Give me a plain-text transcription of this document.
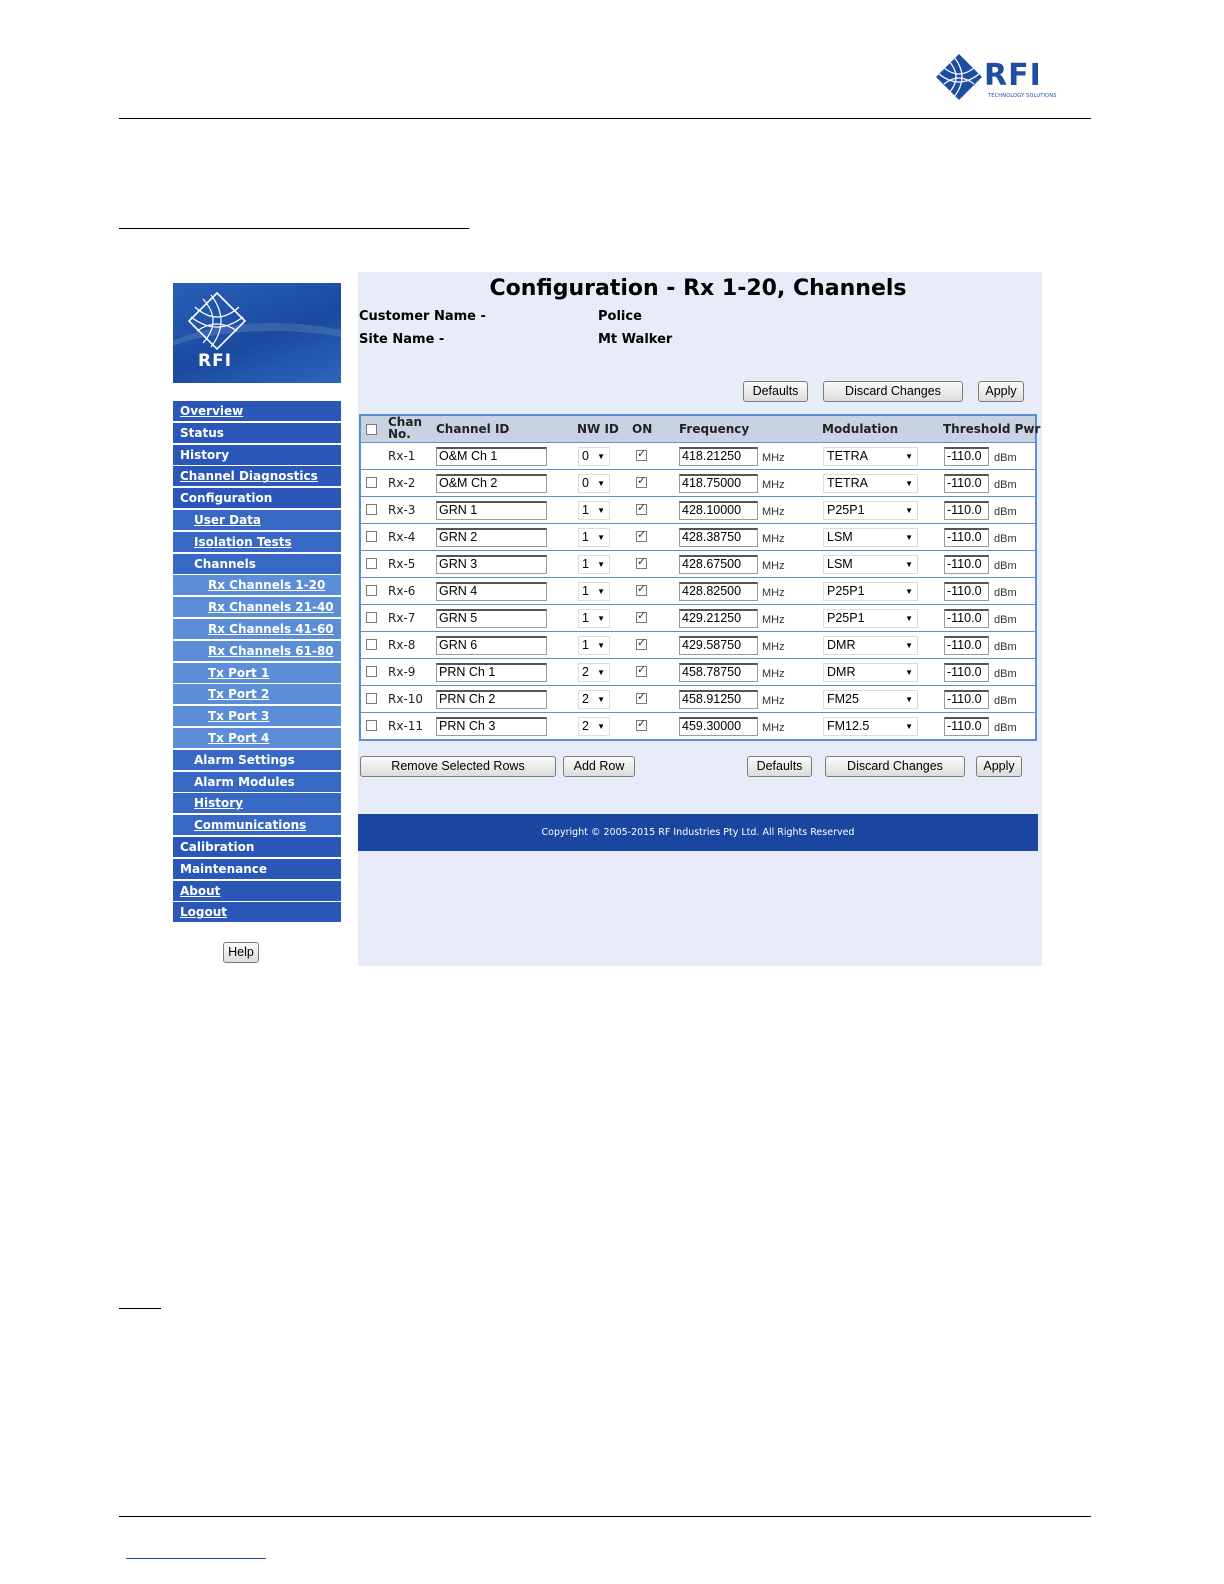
RFI
TECHNOLOGY SOLUTIONS
RFI
Overview
Status
History
Channel Diagnostics
Configuration
User Data
Isolation Tests
Channels
Rx Channels 1-20
Rx Channels 21-40
Rx Channels 41-60
Rx Channels 61-80
Tx Port 1
Tx Port 2
Tx Port 3
Tx Port 4
Alarm Settings
Alarm Modules
History
Communications
Calibration
Maintenance
About
Logout
Help
Configuration - Rx 1-20, Channels
Customer Name -	Police
Site Name -	Mt Walker
Defaults	Discard Changes	Apply
Chan
No.	Channel ID	NW ID ON Frequency	Modulation	Threshold Pwr
Rx-1 O&M Ch 1	0 ▼ ✓	418.21250	MHz	TETRA	▼	-110.0	dBm
Rx-2 O&M Ch 2	0 ▼ ✓	418.75000	MHz	TETRA	▼	-110.0	dBm
Rx-3 GRN 1	1 ▼ ✓	428.10000	MHz	P25P1	▼	-110.0	dBm
Rx-4 GRN 2	1 ▼ ✓	428.38750	MHz	LSM	▼	-110.0	dBm
Rx-5 GRN 3	1 ▼ ✓	428.67500	MHz	LSM	▼	-110.0	dBm
Rx-6 GRN 4	1 ▼ ✓	428.82500	MHz	P25P1	▼	-110.0	dBm
Rx-7 GRN 5	1 ▼ ✓	429.21250	MHz	P25P1	▼	-110.0	dBm
Rx-8 GRN 6	1 ▼ ✓	429.58750	MHz	DMR	▼	-110.0	dBm
Rx-9 PRN Ch 1	2 ▼ ✓	458.78750	MHz	DMR	▼	-110.0	dBm
Rx-10 PRN Ch 2	2 ▼ ✓	458.91250	MHz	FM25	▼	-110.0	dBm
Rx-11 PRN Ch 3	2 ▼ ✓	459.30000	MHz	FM12.5	▼	-110.0	dBm
Remove Selected Rows	Add Row	Defaults	Discard Changes	Apply
Copyright © 2005-2015 RF Industries Pty Ltd. All Rights Reserved
